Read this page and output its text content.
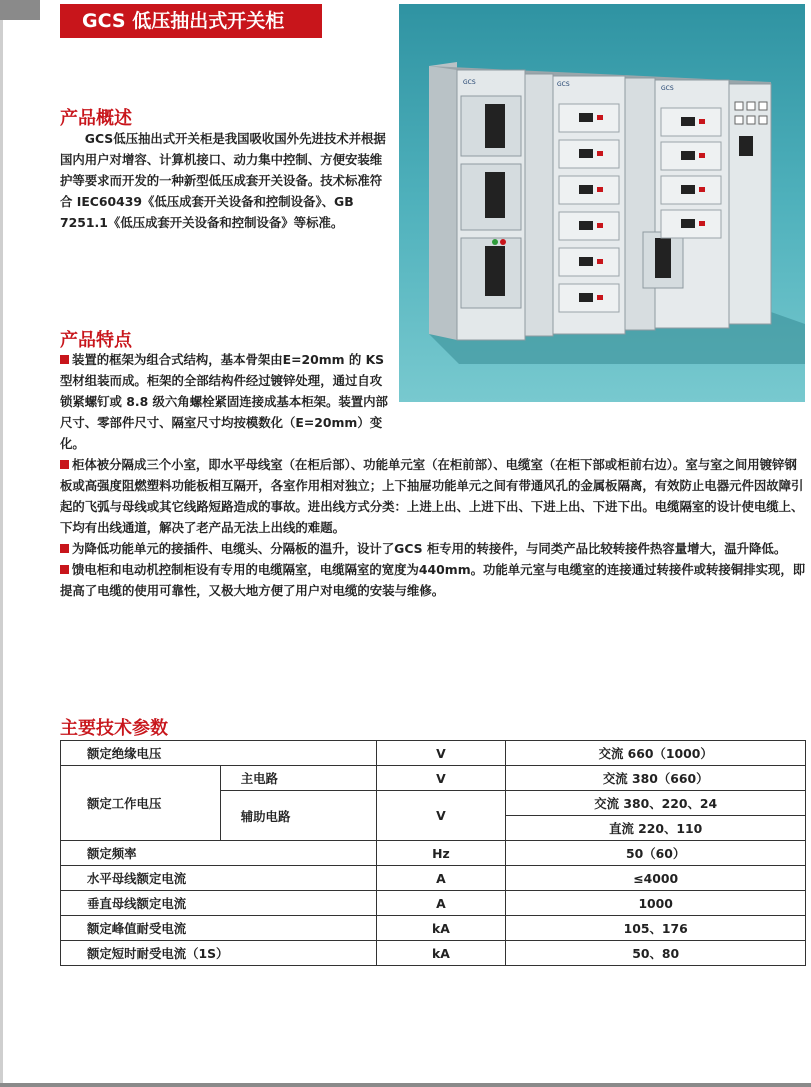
GCS 低压抽出式开关柜
GCS	GCS
GCS
产品概述

GCS低压抽出式开关柜是我国吸收国外先进技术并根据国内用户对增容、计算机接口、动力集中控制、方便安装维护等要求而开发的一种新型低压成套开关设备。技术标准符合 IEC60439《低压成套开关设备和控制设备》、GB 7251.1《低压成套开关设备和控制设备》等标准。

产品特点

装置的框架为组合式结构，基本骨架由E=20mm 的 KS 型材组装而成。柜架的全部结构件经过镀锌处理，通过自攻锁紧螺钉或 8.8 级六角螺栓紧固连接成基本柜架。装置内部尺寸、零部件尺寸、隔室尺寸均按模数化（E=20mm）变化。

柜体被分隔成三个小室，即水平母线室（在柜后部）、功能单元室（在柜前部）、电缆室（在柜下部或柜前右边）。室与室之间用镀锌钢板或高强度阻燃塑料功能板相互隔开，各室作用相对独立；上下抽屉功能单元之间有带通风孔的金属板隔离，有效防止电器元件因故障引起的飞弧与母线或其它线路短路造成的事故。进出线方式分类：上进上出、上进下出、下进上出、下进下出。电缆隔室的设计使电缆上、下均有出线通道，解决了老产品无法上出线的难题。

为降低功能单元的接插件、电缆头、分隔板的温升，设计了GCS 柜专用的转接件，与同类产品比较转接件热容量增大，温升降低。

馈电柜和电动机控制柜设有专用的电缆隔室，电缆隔室的宽度为440mm。功能单元室与电缆室的连接通过转接件或转接铜排实现，即提高了电缆的使用可靠性，又极大地方便了用户对电缆的安装与维修。

主要技术参数
额定绝缘电压		V	交流 660（1000）
额定工作电压	主电路	V	交流 380（660）
	辅助电路	V	交流 380、220、24
			直流 220、110
额定频率		Hz	50（60）
水平母线额定电流		A	≤4000
垂直母线额定电流		A	1000
额定峰值耐受电流		kA	105、176
额定短时耐受电流（1S）		kA	50、80
